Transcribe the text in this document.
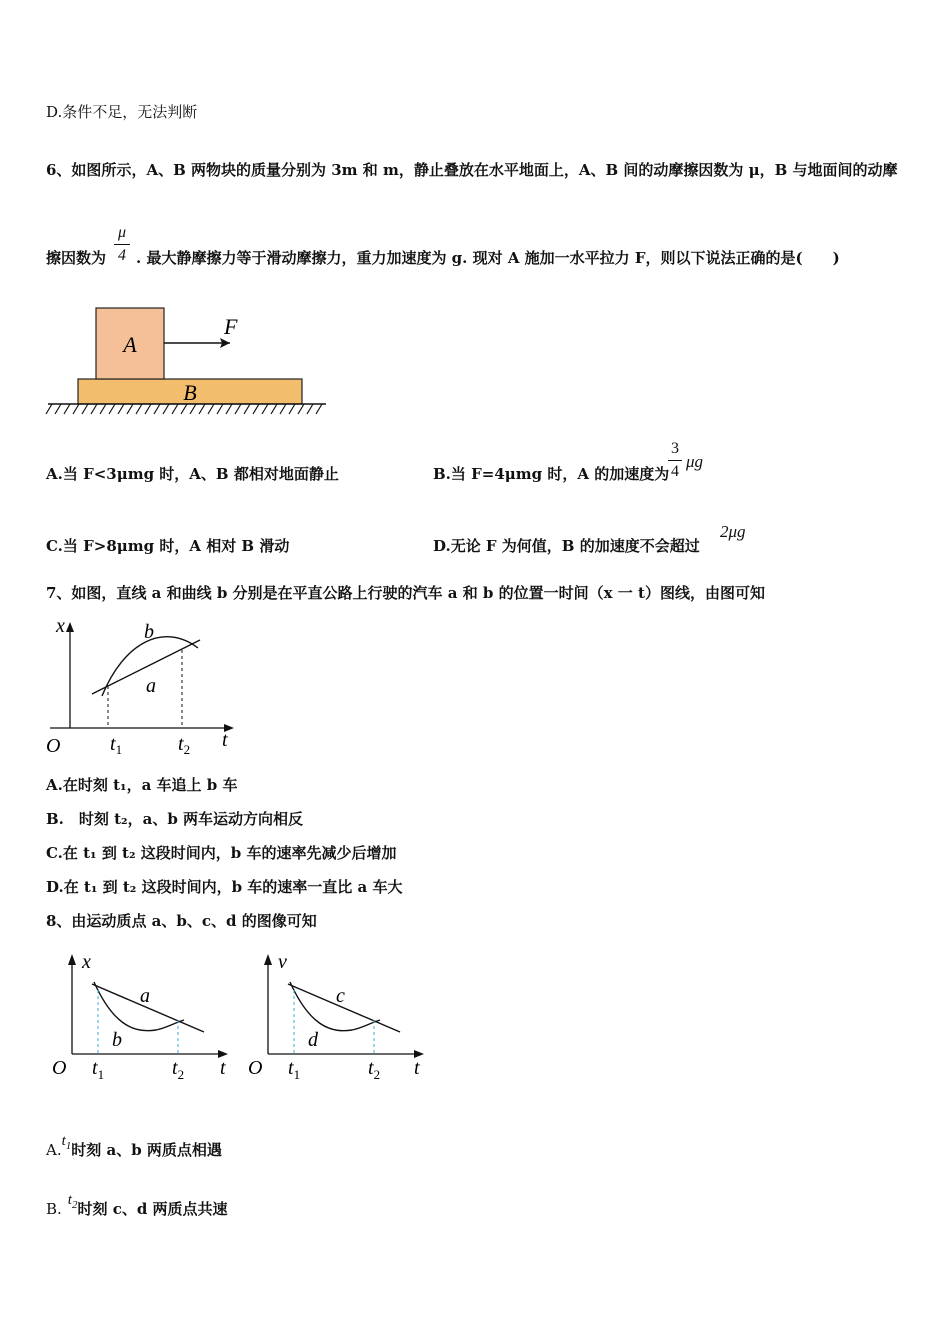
D.条件不足，无法判断
6、如图所示，A、B 两物块的质量分别为 3m 和 m，静止叠放在水平地面上，A、B 间的动摩擦因数为 μ，B 与地面间的动摩
μ
4
擦因数为 . 最大静摩擦力等于滑动摩擦力，重力加速度为 g. 现对 A 施加一水平拉力 F，则以下说法正确的是(　　)
A
B
F
A.当 F<3μmg 时，A、B 都相对地面静止	B.当 F=4μmg 时，A 的加速度为
3
4
μg
C.当 F>8μmg 时，A 相对 B 滑动	D.无论 F 为何值，B 的加速度不会超过
2μg
7、如图，直线 a 和曲线 b 分别是在平直公路上行驶的汽车 a 和 b 的位置一时间（x 一 t）图线，由图可知
x
t
O
b
a
$t_1$	$t_2$
A.在时刻 t₁，a 车追上 b 车
B.　时刻 t₂，a、b 两车运动方向相反
C.在 t₁ 到 t₂ 这段时间内，b 车的速率先减少后增加
D.在 t₁ 到 t₂ 这段时间内，b 车的速率一直比 a 车大
8、由运动质点 a、b、c、d 的图像可知
x
t
O
a
b
$t_1$	$t_2$
v
t
O
c
d
$t_1$	$t_2$
$A.t_1$时刻 a、b 两质点相遇
B. $t_2$时刻 c、d 两质点共速
